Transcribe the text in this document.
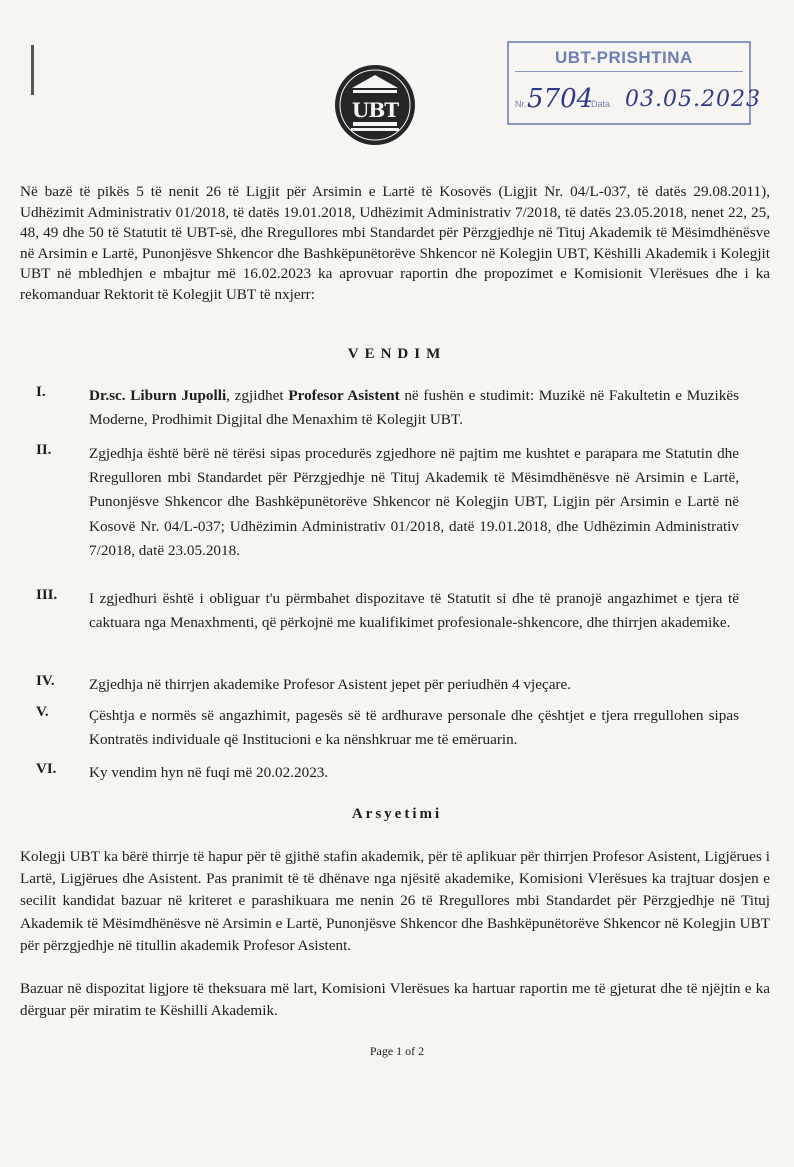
UBT
UBT-PRISHTINA
Nr. 5704
Data 03.05.2023
Në bazë të pikës 5 të nenit 26 të Ligjit për Arsimin e Lartë të Kosovës (Ligjit Nr. 04/L-037, të datës 29.08.2011), Udhëzimit Administrativ 01/2018, të datës 19.01.2018, Udhëzimit Administrativ 7/2018, të datës 23.05.2018, nenet 22, 25, 48, 49 dhe 50 të Statutit të UBT-së, dhe Rregullores mbi Standardet për Përzgjedhje në Tituj Akademik të Mësimdhënësve në Arsimin e Lartë, Punonjësve Shkencor dhe Bashkëpunëtorëve Shkencor në Kolegjin UBT, Këshilli Akademik i Kolegjit UBT në mbledhjen e mbajtur më 16.02.2023 ka aprovuar raportin dhe propozimet e Komisionit Vlerësues dhe i ka rekomanduar Rektorit të Kolegjit UBT të nxjerr:
VENDIM
I.	Dr.sc. Liburn Jupolli, zgjidhet Profesor Asistent në fushën e studimit: Muzikë në Fakultetin e Muzikës Moderne, Prodhimit Digjital dhe Menaxhim të Kolegjit UBT.
II. Zgjedhja është bërë në tërësi sipas procedurës zgjedhore në pajtim me kushtet e parapara me Statutin dhe Rregulloren mbi Standardet për Përzgjedhje në Tituj Akademik të Mësimdhënësve në Arsimin e Lartë, Punonjësve Shkencor dhe Bashkëpunëtorëve Shkencor në Kolegjin UBT, Ligjin për Arsimin e Lartë në Kosovë Nr. 04/L-037; Udhëzimin Administrativ 01/2018, datë 19.01.2018, dhe Udhëzimin Administrativ 7/2018, datë 23.05.2018.
III. I zgjedhuri është i obliguar t'u përmbahet dispozitave të Statutit si dhe të pranojë angazhimet e tjera të caktuara nga Menaxhmenti, që përkojnë me kualifikimet profesionale-shkencore, dhe thirrjen akademike.
IV. Zgjedhja në thirrjen akademike Profesor Asistent jepet për periudhën 4 vjeçare.
V.	Çështja e normës së angazhimit, pagesës së të ardhurave personale dhe çështjet e tjera rregullohen sipas Kontratës individuale që Institucioni e ka nënshkruar me të emëruarin.
VI. Ky vendim hyn në fuqi më 20.02.2023.
Arsyetimi
Kolegji UBT ka bërë thirrje të hapur për të gjithë stafin akademik, për të aplikuar për thirrjen Profesor Asistent, Ligjërues i Lartë, Ligjërues dhe Asistent. Pas pranimit të të dhënave nga njësitë akademike, Komisioni Vlerësues ka trajtuar dosjen e secilit kandidat bazuar në kriteret e parashikuara me nenin 26 të Rregullores mbi Standardet për Përzgjedhje në Tituj Akademik të Mësimdhënësve në Arsimin e Lartë, Punonjësve Shkencor dhe Bashkëpunëtorëve Shkencor në Kolegjin UBT për përzgjedhje në titullin akademik Profesor Asistent.
Bazuar në dispozitat ligjore të theksuara më lart, Komisioni Vlerësues ka hartuar raportin me të gjeturat dhe të njëjtin e ka dërguar për miratim te Këshilli Akademik.
Page 1 of 2
